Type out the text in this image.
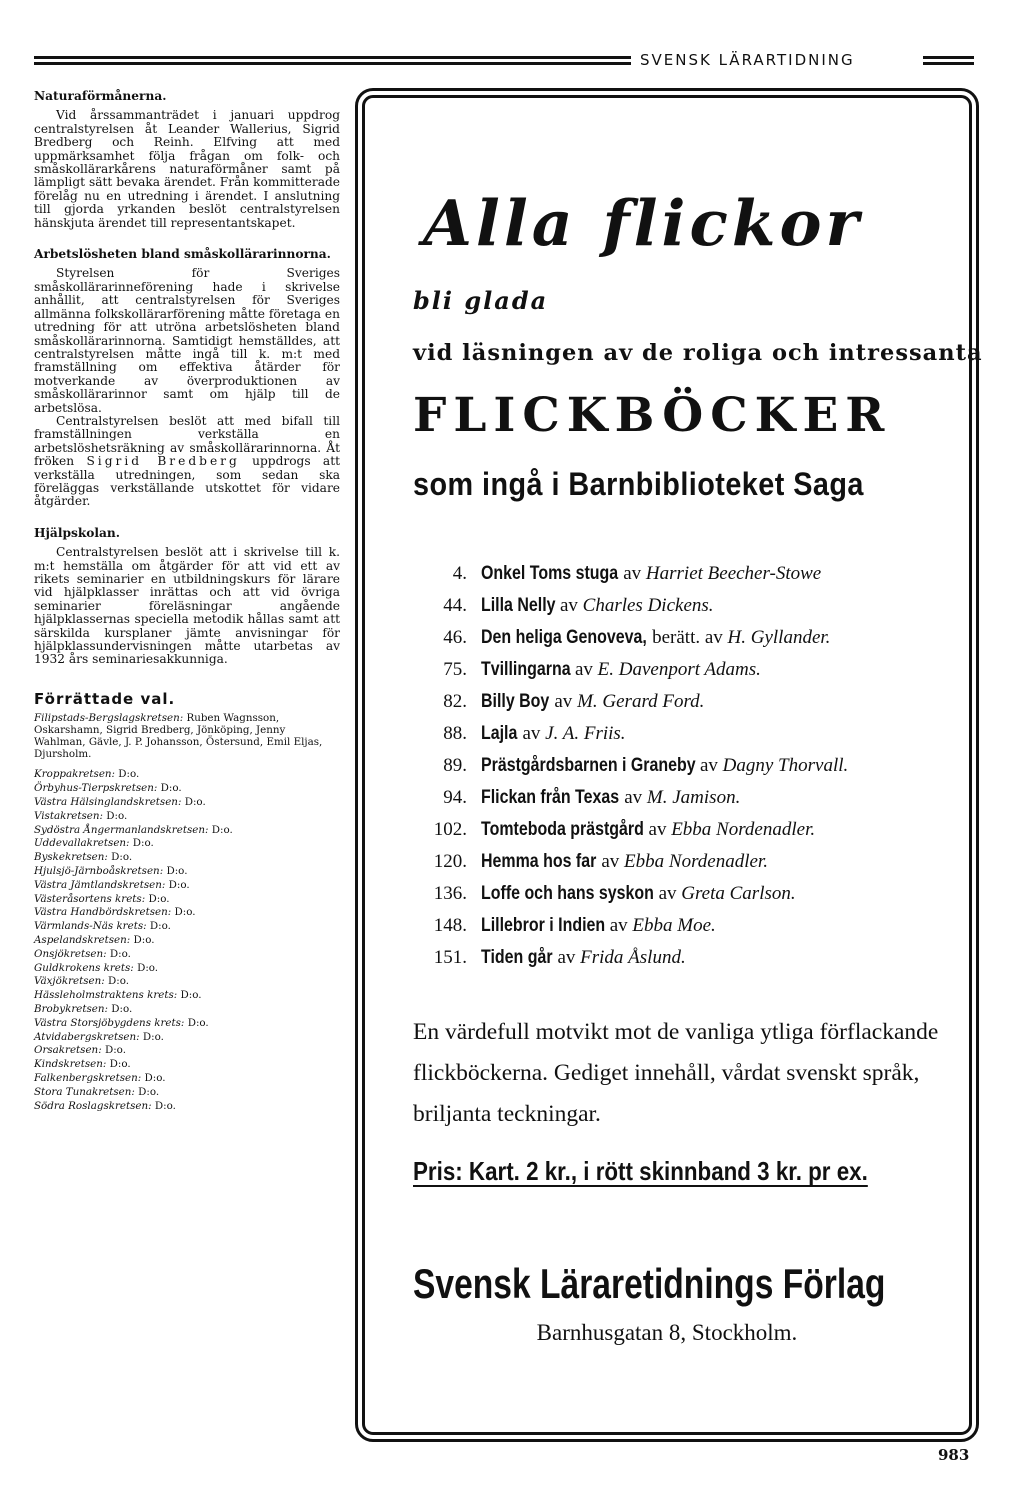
SVENSK LÄRARTIDNING
Naturaförmånerna.

Vid årssammanträdet i januari uppdrog centralstyrelsen åt Leander Wallerius, Sigrid Bredberg och Reinh. Elfving att med uppmärksamhet följa frågan om folk- och småskollärarkårens naturaförmåner samt på lämpligt sätt bevaka ärendet. Från kommitterade förelåg nu en utredning i ärendet. I anslutning till gjorda yrkanden beslöt centralstyrelsen hänskjuta ärendet till representantskapet.

Arbetslösheten bland småskollärarinnorna.

Styrelsen för Sveriges småskollärarinneförening hade i skrivelse anhållit, att centralstyrelsen för Sveriges allmänna folkskollärarförening måtte företaga en utredning för att utröna arbetslösheten bland småskollärarinnorna. Samtidigt hemställdes, att centralstyrelsen måtte ingå till k. m:t med framställning om effektiva åtärder för motverkande av överproduktionen av småskollärarinnor samt om hjälp till de arbetslösa.

Centralstyrelsen beslöt att med bifall till framställningen verkställa en arbetslöshetsräkning av småskollärarinnorna. Åt fröken Sigrid Bredberg uppdrogs att verkställa utredningen, som sedan ska föreläggas verkställande utskottet för vidare åtgärder.

Hjälpskolan.

Centralstyrelsen beslöt att i skrivelse till k. m:t hemställa om åtgärder för att vid ett av rikets seminarier en utbildningskurs för lärare vid hjälpklasser inrättas och att vid övriga seminarier föreläsningar angående hjälpklassernas speciella metodik hållas samt att särskilda kursplaner jämte anvisningar för hjälpklassundervisningen måtte utarbetas av 1932 års seminariesakkunniga.

Förrättade val.
Filipstads-Bergslagskretsen: Ruben Wagnsson, Oskarshamn, Sigrid Bredberg, Jönköping, Jenny Wahlman, Gävle, J. P. Johansson, Östersund, Emil Eljas, Djursholm.
Kroppakretsen: D:o.
Örbyhus-Tierpskretsen: D:o.
Västra Hälsinglandskretsen: D:o.
Vistakretsen: D:o.
Sydöstra Ångermanlandskretsen: D:o.
Uddevallakretsen: D:o.
Byskekretsen: D:o.
Hjulsjö-Järnboåskretsen: D:o.
Västra Jämtlandskretsen: D:o.
Västeråsortens krets: D:o.
Västra Handbördskretsen: D:o.
Värmlands-Näs krets: D:o.
Aspelandskretsen: D:o.
Onsjökretsen: D:o.
Guldkrokens krets: D:o.
Växjökretsen: D:o.
Hässleholmstraktens krets: D:o.
Brobykretsen: D:o.
Västra Storsjöbygdens krets: D:o.
Atvidabergskretsen: D:o.
Orsakretsen: D:o.
Kindskretsen: D:o.
Falkenbergskretsen: D:o.
Stora Tunakretsen: D:o.
Södra Roslagskretsen: D:o.
Alla flickor
bli glada
vid läsningen av de roliga och intressanta
FLICKBÖCKER
som ingå i Barnbiblioteket Saga
4. Onkel Toms stuga av Harriet Beecher-Stowe
44. Lilla Nelly av Charles Dickens.
46. Den heliga Genoveva, berätt. av H. Gyllander.
75. Tvillingarna av E. Davenport Adams.
82. Billy Boy av M. Gerard Ford.
88. Lajla av J. A. Friis.
89. Prästgårdsbarnen i Graneby av Dagny Thorvall.
94. Flickan från Texas av M. Jamison.
102. Tomteboda prästgård av Ebba Nordenadler.
120. Hemma hos far av Ebba Nordenadler.
136. Loffe och hans syskon av Greta Carlson.
148. Lillebror i Indien av Ebba Moe.
151. Tiden går av Frida Åslund.
En värdefull motvikt mot de vanliga ytliga förflackande flickböckerna. Gediget innehåll, vårdat svenskt språk, briljanta teckningar.
Pris: Kart. 2 kr., i rött skinnband 3 kr. pr ex.
Svensk Läraretidnings Förlag
Barnhusgatan 8, Stockholm.
983
